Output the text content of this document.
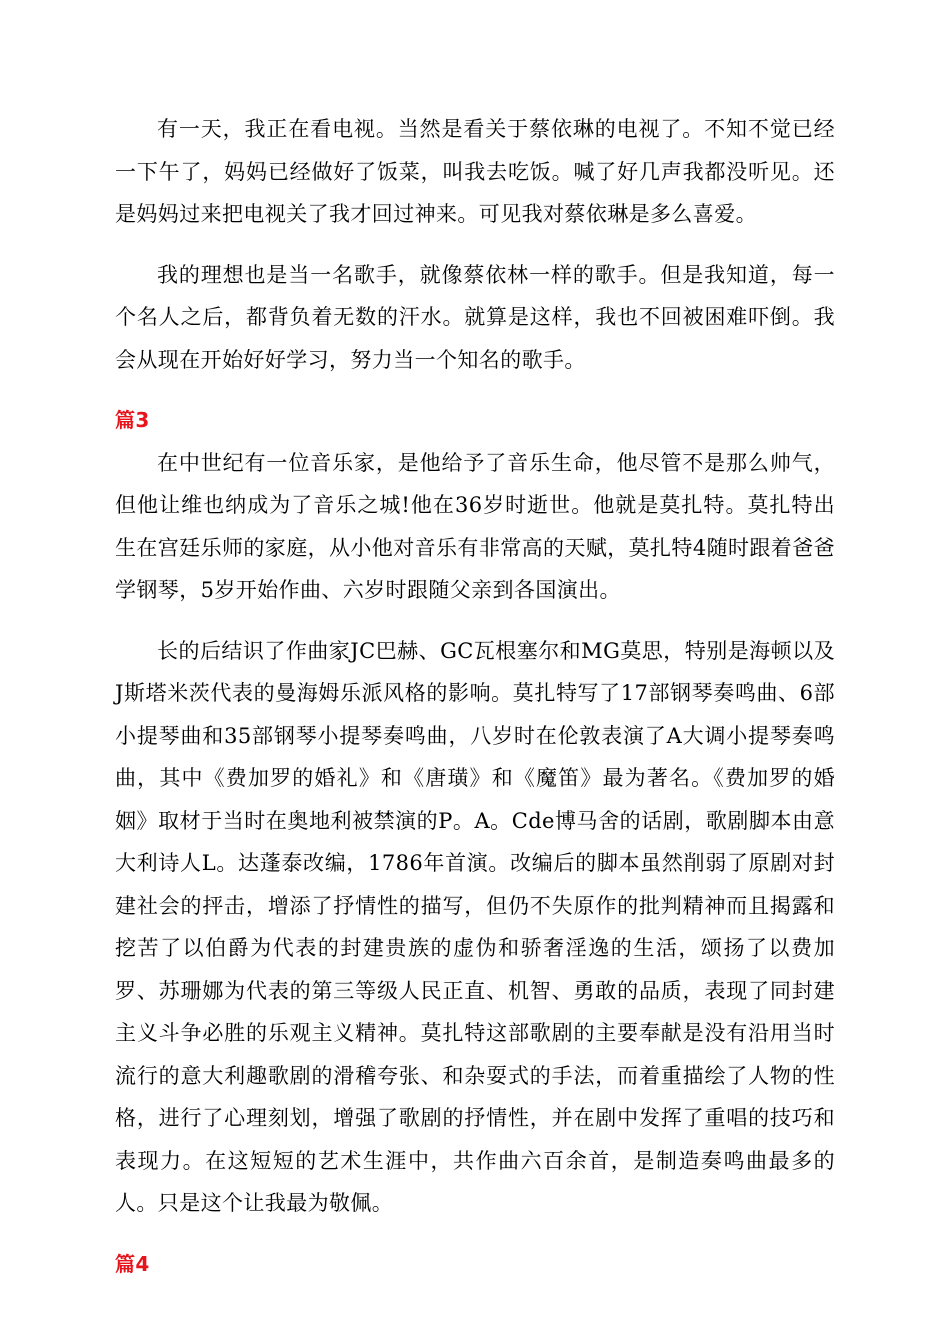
有一天，我正在看电视。当然是看关于蔡依琳的电视了。不知不觉已经一下午了，妈妈已经做好了饭菜，叫我去吃饭。喊了好几声我都没听见。还是妈妈过来把电视关了我才回过神来。可见我对蔡依琳是多么喜爱。

我的理想也是当一名歌手，就像蔡依林一样的歌手。但是我知道，每一个名人之后，都背负着无数的汗水。就算是这样，我也不回被困难吓倒。我会从现在开始好好学习，努力当一个知名的歌手。

篇3

在中世纪有一位音乐家，是他给予了音乐生命，他尽管不是那么帅气，但他让维也纳成为了音乐之城!他在36岁时逝世。他就是莫扎特。莫扎特出生在宫廷乐师的家庭，从小他对音乐有非常高的天赋，莫扎特4随时跟着爸爸学钢琴，5岁开始作曲、六岁时跟随父亲到各国演出。

长的后结识了作曲家JC巴赫、GC瓦根塞尔和MG莫思，特别是海顿以及J斯塔米茨代表的曼海姆乐派风格的影响。莫扎特写了17部钢琴奏鸣曲、6部小提琴曲和35部钢琴小提琴奏鸣曲，八岁时在伦敦表演了A大调小提琴奏鸣曲，其中《费加罗的婚礼》和《唐璜》和《魔笛》最为著名。《费加罗的婚姻》取材于当时在奥地利被禁演的P。A。Cde博马舍的话剧，歌剧脚本由意大利诗人L。达蓬泰改编，1786年首演。改编后的脚本虽然削弱了原剧对封建社会的抨击，增添了抒情性的描写，但仍不失原作的批判精神而且揭露和挖苦了以伯爵为代表的封建贵族的虚伪和骄奢淫逸的生活，颂扬了以费加罗、苏珊娜为代表的第三等级人民正直、机智、勇敢的品质，表现了同封建主义斗争必胜的乐观主义精神。莫扎特这部歌剧的主要奉献是没有沿用当时流行的意大利趣歌剧的滑稽夸张、和杂耍式的手法，而着重描绘了人物的性格，进行了心理刻划，增强了歌剧的抒情性，并在剧中发挥了重唱的技巧和表现力。在这短短的艺术生涯中，共作曲六百余首，是制造奏鸣曲最多的人。只是这个让我最为敬佩。

篇4
